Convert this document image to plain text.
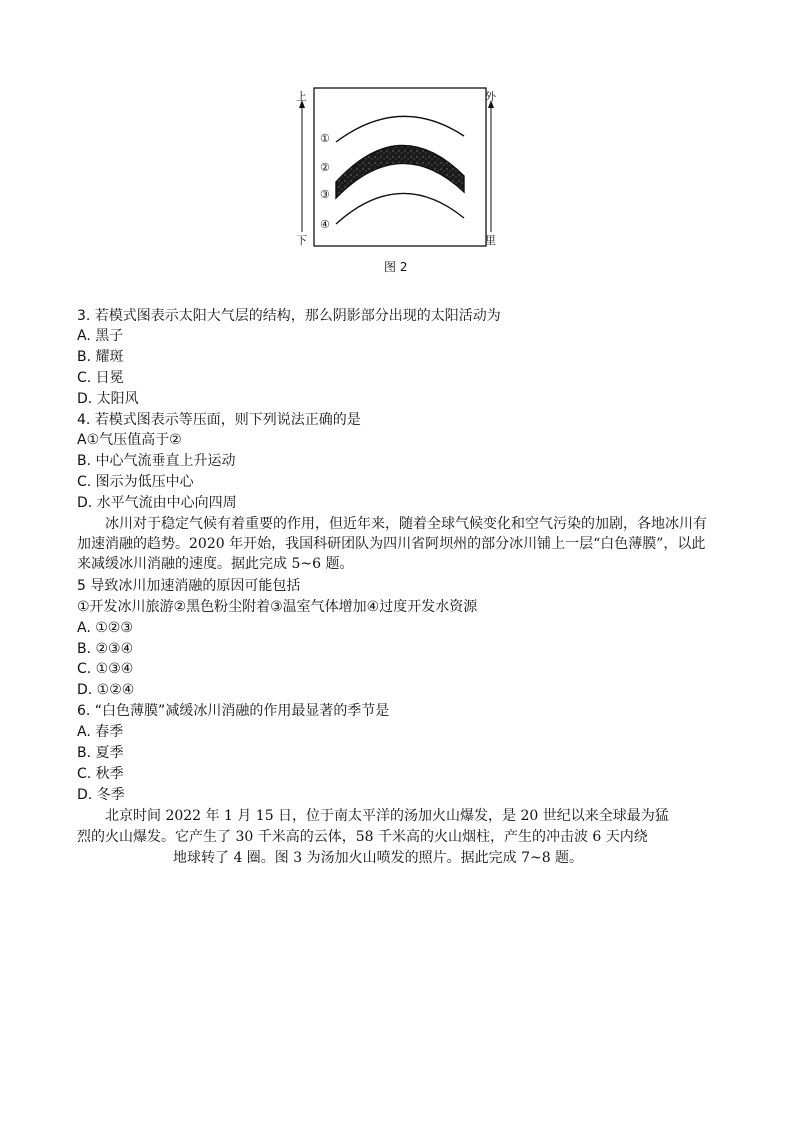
上
下
外
里
①
②
③
④
图 2
3. 若模式图表示太阳大气层的结构，那么阴影部分出现的太阳活动为
A. 黑子
B. 耀斑
C. 日冕
D. 太阳风
4. 若模式图表示等压面，则下列说法正确的是
A①气压值高于②
B. 中心气流垂直上升运动
C. 图示为低压中心
D. 水平气流由中心向四周
冰川对于稳定气候有着重要的作用，但近年来，随着全球气候变化和空气污染的加剧，各地冰川有加速消融的趋势。2020 年开始，我国科研团队为四川省阿坝州的部分冰川铺上一层“白色薄膜”，以此来减缓冰川消融的速度。据此完成 5~6 题。
5 导致冰川加速消融的原因可能包括
①开发冰川旅游②黑色粉尘附着③温室气体增加④过度开发水资源
A. ①②③
B. ②③④
C. ①③④
D. ①②④
6. “白色薄膜”减缓冰川消融的作用最显著的季节是
A. 春季
B. 夏季
C. 秋季
D. 冬季
北京时间 2022 年 1 月 15 日，位于南太平洋的汤加火山爆发，是 20 世纪以来全球最为猛
烈的火山爆发。它产生了 30 千米高的云体，58 千米高的火山烟柱，产生的冲击波 6 天内绕
地球转了 4 圈。图 3 为汤加火山喷发的照片。据此完成 7~8 题。
